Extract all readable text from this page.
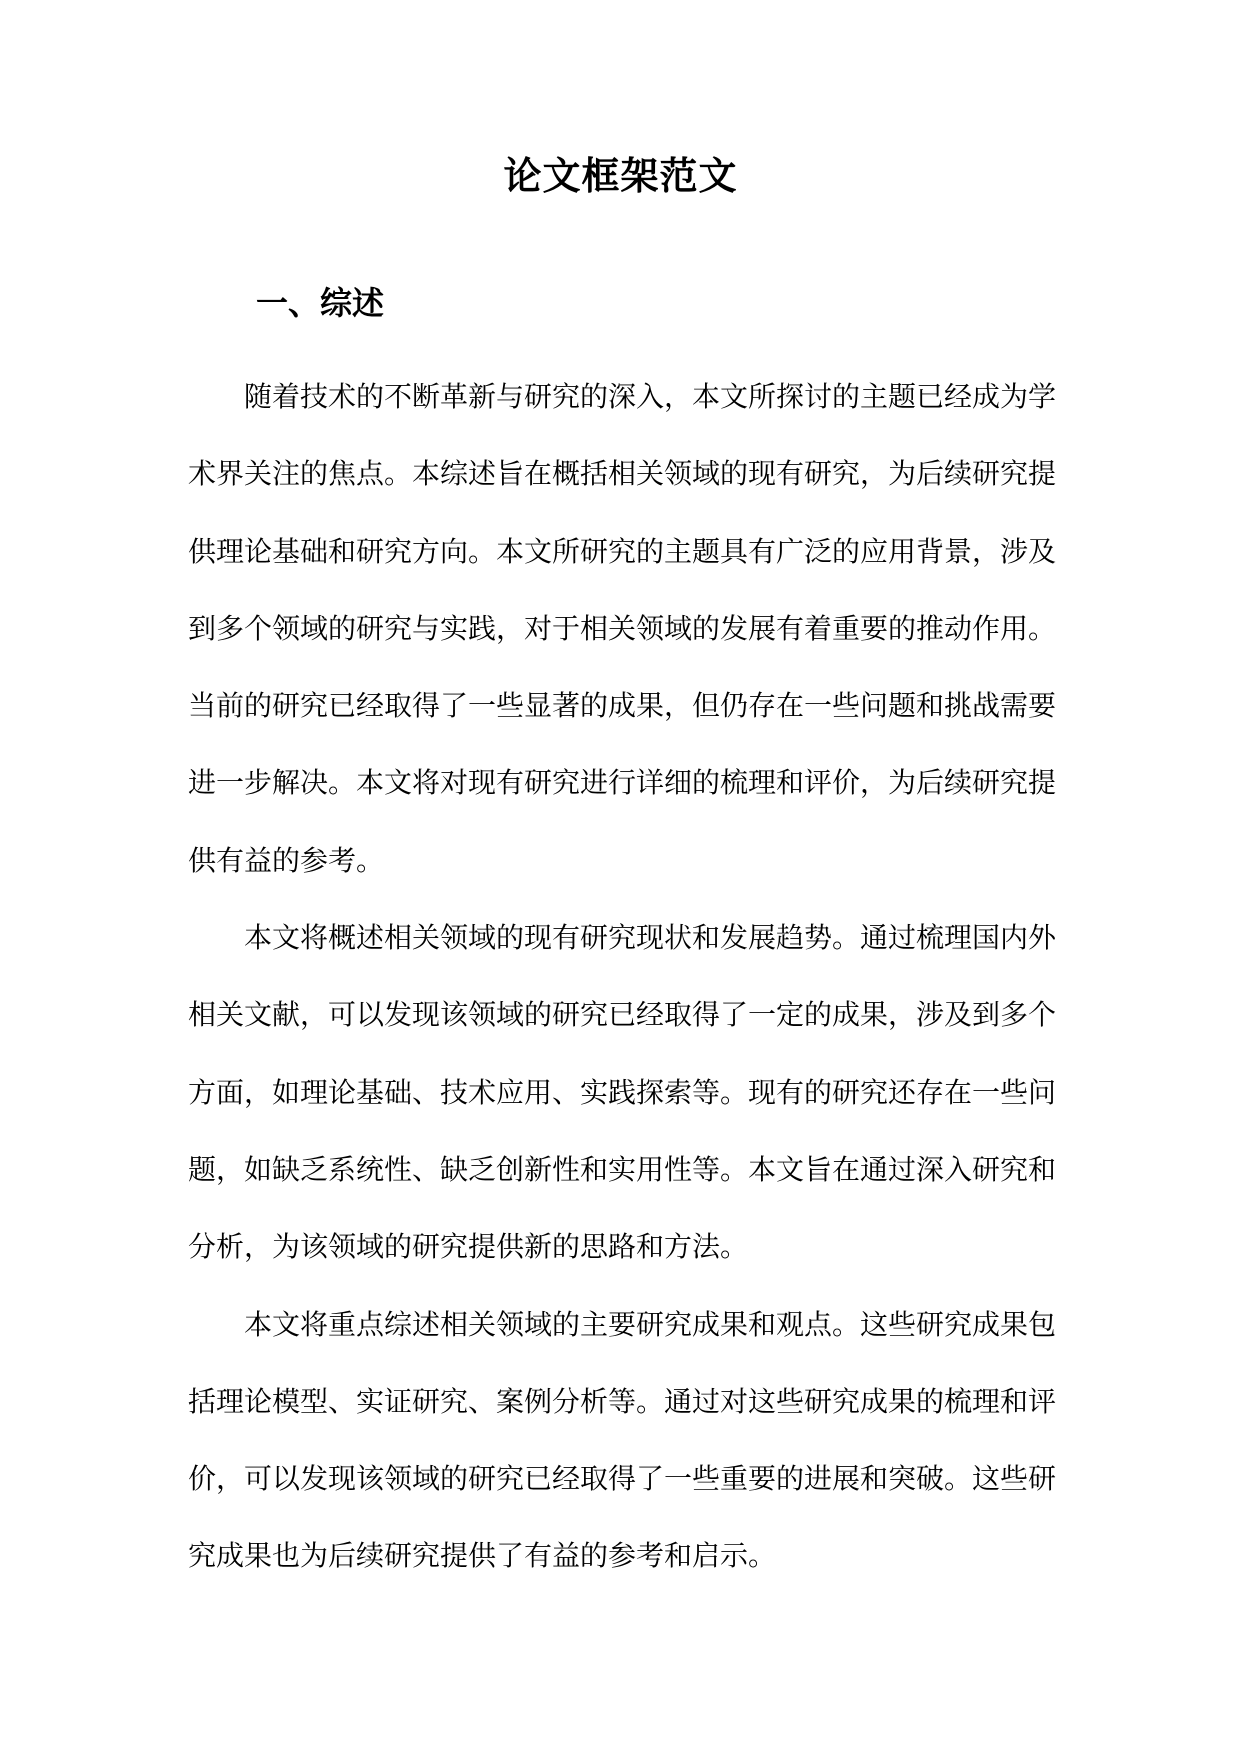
论文框架范文
一、综述

随着技术的不断革新与研究的深入，本文所探讨的主题已经成为学术界关注的焦点。本综述旨在概括相关领域的现有研究，为后续研究提供理论基础和研究方向。本文所研究的主题具有广泛的应用背景，涉及到多个领域的研究与实践，对于相关领域的发展有着重要的推动作用。当前的研究已经取得了一些显著的成果，但仍存在一些问题和挑战需要进一步解决。本文将对现有研究进行详细的梳理和评价，为后续研究提供有益的参考。

本文将概述相关领域的现有研究现状和发展趋势。通过梳理国内外相关文献，可以发现该领域的研究已经取得了一定的成果，涉及到多个方面，如理论基础、技术应用、实践探索等。现有的研究还存在一些问题，如缺乏系统性、缺乏创新性和实用性等。本文旨在通过深入研究和分析，为该领域的研究提供新的思路和方法。

本文将重点综述相关领域的主要研究成果和观点。这些研究成果包括理论模型、实证研究、案例分析等。通过对这些研究成果的梳理和评价，可以发现该领域的研究已经取得了一些重要的进展和突破。这些研究成果也为后续研究提供了有益的参考和启示。
